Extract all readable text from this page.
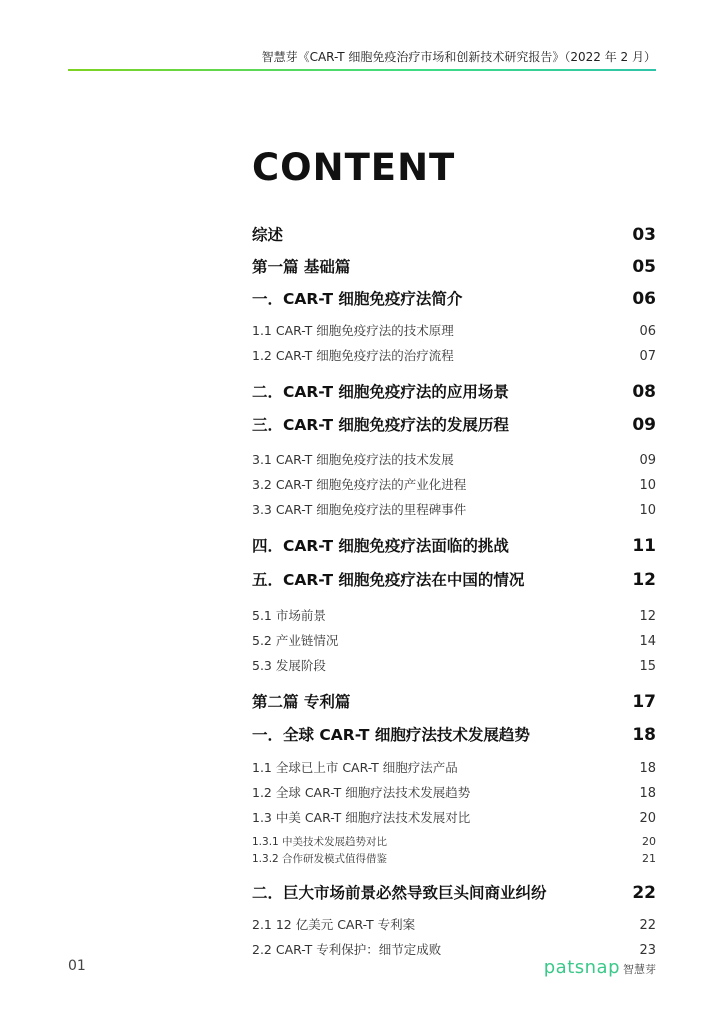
智慧芽《CAR-T 细胞免疫治疗市场和创新技术研究报告》（2022 年 2 月）
CONTENT
综述	03
第一篇 基础篇	05
一．CAR-T 细胞免疫疗法简介	06
1.1 CAR-T 细胞免疫疗法的技术原理	06
1.2 CAR-T 细胞免疫疗法的治疗流程	07
二．CAR-T 细胞免疫疗法的应用场景	08
三．CAR-T 细胞免疫疗法的发展历程	09
3.1 CAR-T 细胞免疫疗法的技术发展	09
3.2 CAR-T 细胞免疫疗法的产业化进程	10
3.3 CAR-T 细胞免疫疗法的里程碑事件	10
四．CAR-T 细胞免疫疗法面临的挑战	11
五．CAR-T 细胞免疫疗法在中国的情况	12
5.1 市场前景	12
5.2 产业链情况	14
5.3 发展阶段	15
第二篇 专利篇	17
一．全球 CAR-T 细胞疗法技术发展趋势	18
1.1 全球已上市 CAR-T 细胞疗法产品	18
1.2 全球 CAR-T 细胞疗法技术发展趋势	18
1.3 中美 CAR-T 细胞疗法技术发展对比	20
1.3.1 中美技术发展趋势对比	20
1.3.2 合作研发模式值得借鉴	21
二．巨大市场前景必然导致巨头间商业纠纷	22
2.1 12 亿美元 CAR-T 专利案	22
2.2 CAR-T 专利保护：细节定成败	23
01	patsnap 智慧芽
